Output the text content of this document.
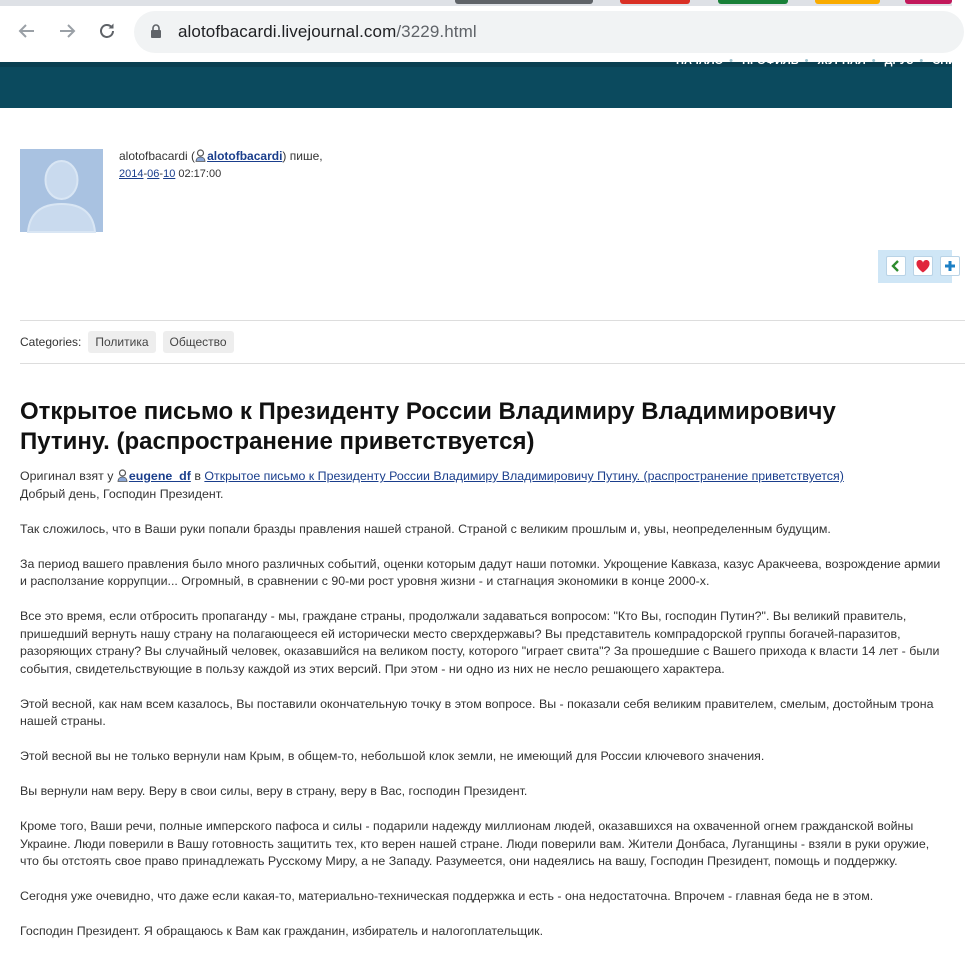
alotofbacardi.livejournal.com/3229.html
НАЧАЛО • ПРОФИЛЬ • ЖУРНАЛ • ДРУЗ • СПИ
alotofbacardi ( alotofbacardi) пише,
2014-06-10 02:17:00
Categories:	Политика	Общество
Открытое письмо к Президенту России Владимиру Владимировичу Путину. (распространение приветствуется)
Оригинал взят у eugene_df в Открытое письмо к Президенту России Владимиру Владимировичу Путину. (распространение приветствуется)

Добрый день, Господин Президент.

Так сложилось, что в Ваши руки попали бразды правления нашей страной. Страной с великим прошлым и, увы, неопределенным будущим.

За период вашего правления было много различных событий, оценки которым дадут наши потомки. Укрощение Кавказа, казус Аракчеева, возрождение армии и расползание коррупции... Огромный, в сравнении с 90-ми рост уровня жизни - и стагнация экономики в конце 2000-х.

Все это время, если отбросить пропаганду - мы, граждане страны, продолжали задаваться вопросом: "Кто Вы, господин Путин?". Вы великий правитель, пришедший вернуть нашу страну на полагающееся ей исторически место сверхдержавы? Вы представитель компрадорской группы богачей-паразитов, разоряющих страну? Вы случайный человек, оказавшийся на великом посту, которого "играет свита"? За прошедшие с Вашего прихода к власти 14 лет - были события, свидетельствующие в пользу каждой из этих версий. При этом - ни одно из них не несло решающего характера.

Этой весной, как нам всем казалось, Вы поставили окончательную точку в этом вопросе. Вы - показали себя великим правителем, смелым, достойным трона нашей страны.

Этой весной вы не только вернули нам Крым, в общем-то, небольшой клок земли, не имеющий для России ключевого значения.

Вы вернули нам веру. Веру в свои силы, веру в страну, веру в Вас, господин Президент.

Кроме того, Ваши речи, полные имперского пафоса и силы - подарили надежду миллионам людей, оказавшихся на охваченной огнем гражданской войны Украине. Люди поверили в Вашу готовность защитить тех, кто верен нашей стране. Люди поверили вам. Жители Донбаса, Луганщины - взяли в руки оружие, что бы отстоять свое право принадлежать Русскому Миру, а не Западу. Разумеется, они надеялись на вашу, Господин Президент, помощь и поддержку.

Сегодня уже очевидно, что даже если какая-то, материально-техническая поддержка и есть - она недостаточна. Впрочем - главная беда не в этом.

Господин Президент. Я обращаюсь к Вам как гражданин, избиратель и налогоплательщик.
